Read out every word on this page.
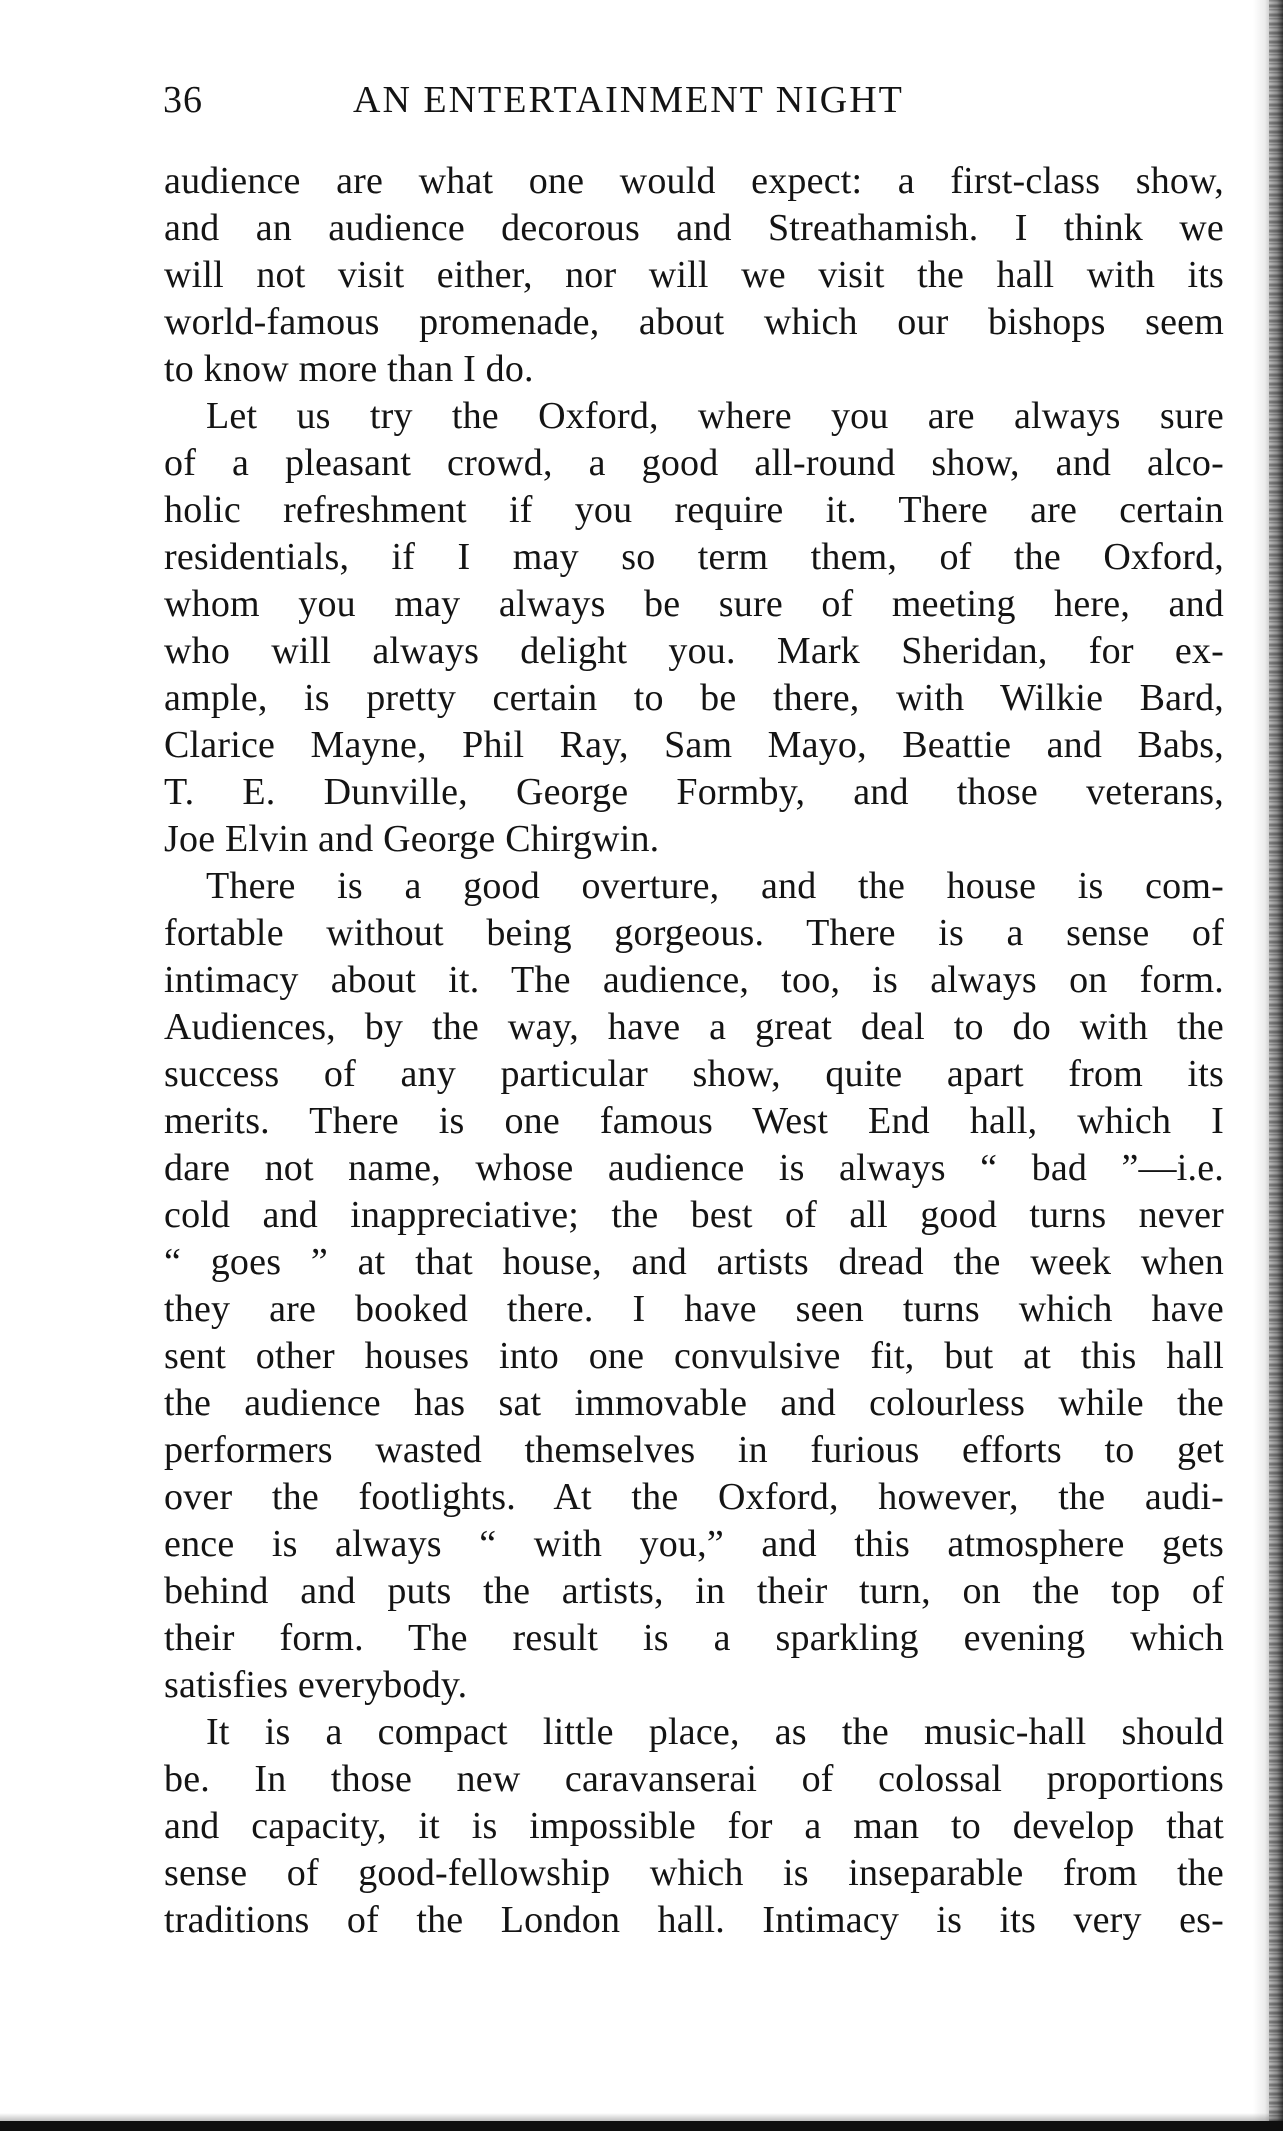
36	AN ENTERTAINMENT NIGHT
audience are what one would expect: a first-class show,
and an audience decorous and Streathamish. I think we
will not visit either, nor will we visit the hall with its
world-famous promenade, about which our bishops seem
to know more than I do.
Let us try the Oxford, where you are always sure
of a pleasant crowd, a good all-round show, and alco-
holic refreshment if you require it. There are certain
residentials, if I may so term them, of the Oxford,
whom you may always be sure of meeting here, and
who will always delight you. Mark Sheridan, for ex-
ample, is pretty certain to be there, with Wilkie Bard,
Clarice Mayne, Phil Ray, Sam Mayo, Beattie and Babs,
T. E. Dunville, George Formby, and those veterans,
Joe Elvin and George Chirgwin.
There is a good overture, and the house is com-
fortable without being gorgeous. There is a sense of
intimacy about it. The audience, too, is always on form.
Audiences, by the way, have a great deal to do with the
success of any particular show, quite apart from its
merits. There is one famous West End hall, which I
dare not name, whose audience is always “ bad ”—i.e.
cold and inappreciative; the best of all good turns never
“ goes ” at that house, and artists dread the week when
they are booked there. I have seen turns which have
sent other houses into one convulsive fit, but at this hall
the audience has sat immovable and colourless while the
performers wasted themselves in furious efforts to get
over the footlights. At the Oxford, however, the audi-
ence is always “ with you,” and this atmosphere gets
behind and puts the artists, in their turn, on the top of
their form. The result is a sparkling evening which
satisfies everybody.
It is a compact little place, as the music-hall should
be. In those new caravanserai of colossal proportions
and capacity, it is impossible for a man to develop that
sense of good-fellowship which is inseparable from the
traditions of the London hall. Intimacy is its very es-
